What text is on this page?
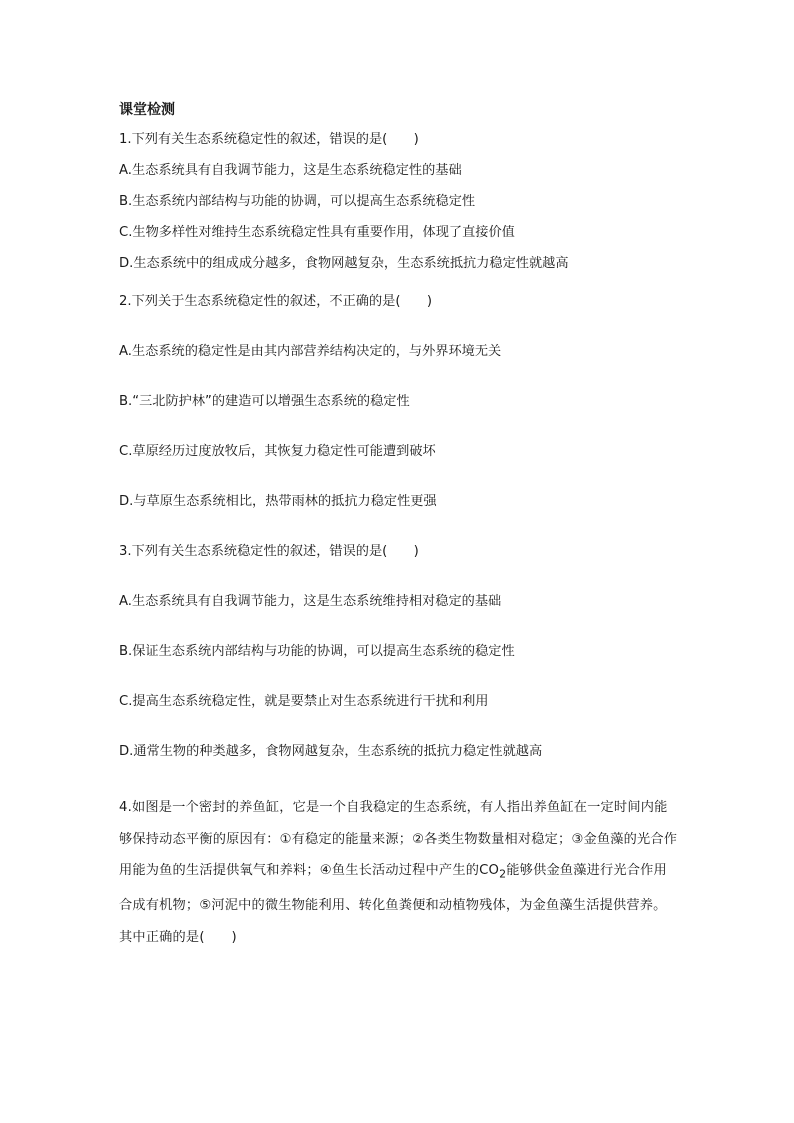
课堂检测

1.下列有关生态系统稳定性的叙述，错误的是(　　)

A.生态系统具有自我调节能力，这是生态系统稳定性的基础

B.生态系统内部结构与功能的协调，可以提高生态系统稳定性

C.生物多样性对维持生态系统稳定性具有重要作用，体现了直接价值

D.生态系统中的组成成分越多，食物网越复杂，生态系统抵抗力稳定性就越高

2.下列关于生态系统稳定性的叙述，不正确的是(　　)

A.生态系统的稳定性是由其内部营养结构决定的，与外界环境无关

B.“三北防护林”的建造可以增强生态系统的稳定性

C.草原经历过度放牧后，其恢复力稳定性可能遭到破坏

D.与草原生态系统相比，热带雨林的抵抗力稳定性更强

3.下列有关生态系统稳定性的叙述，错误的是(　　)

A.生态系统具有自我调节能力，这是生态系统维持相对稳定的基础

B.保证生态系统内部结构与功能的协调，可以提高生态系统的稳定性

C.提高生态系统稳定性，就是要禁止对生态系统进行干扰和利用

D.通常生物的种类越多，食物网越复杂，生态系统的抵抗力稳定性就越高

4.如图是一个密封的养鱼缸，它是一个自我稳定的生态系统，有人指出养鱼缸在一定时间内能够保持动态平衡的原因有：①有稳定的能量来源；②各类生物数量相对稳定；③金鱼藻的光合作用能为鱼的生活提供氧气和养料；④鱼生长活动过程中产生的$CO_2$能够供金鱼藻进行光合作用合成有机物；⑤河泥中的微生物能利用、转化鱼粪便和动植物残体，为金鱼藻生活提供营养。其中正确的是(　　)
